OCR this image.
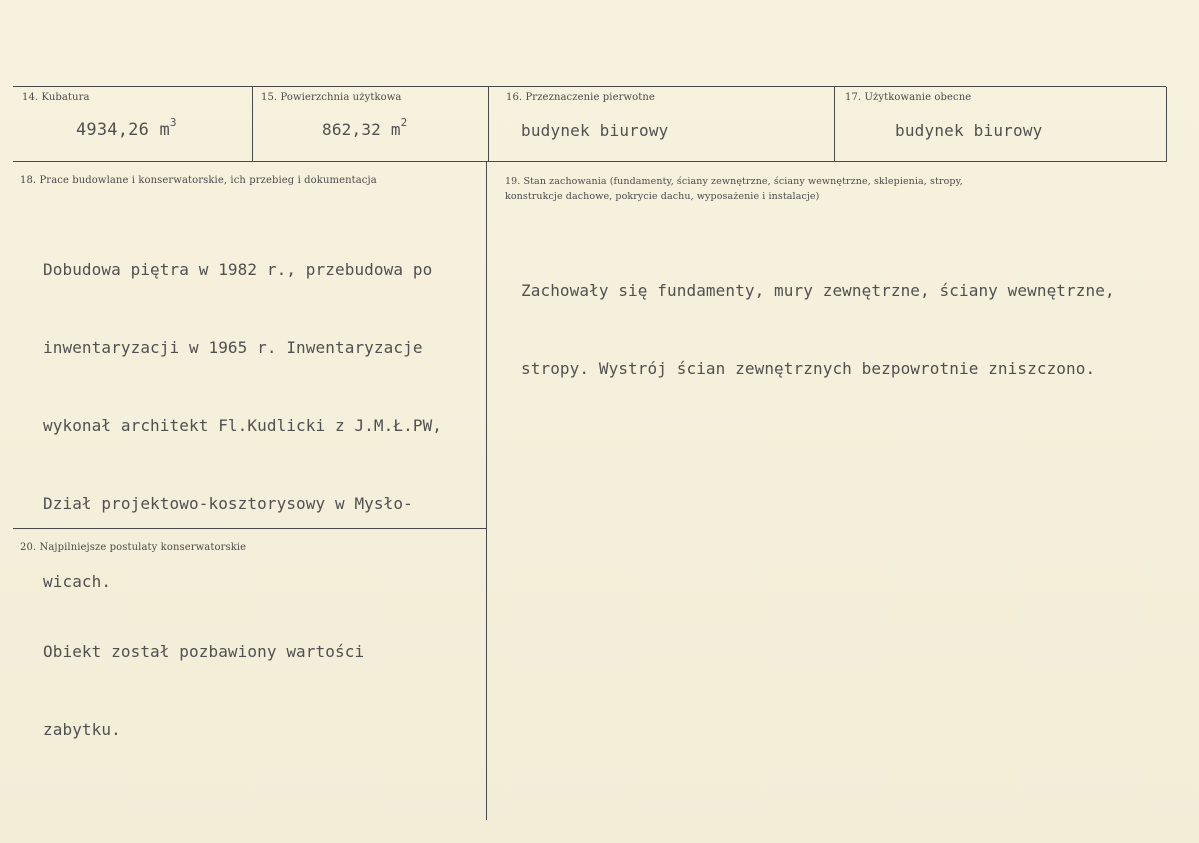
14. Kubatura
4934,26 $m^3$
15. Powierzchnia użytkowa
862,32 $m^2$
16. Przeznaczenie pierwotne
budynek biurowy
17. Użytkowanie obecne
budynek biurowy
18. Prace budowlane i konserwatorskie, ich przebieg i dokumentacja

Dobudowa piętra w 1982 r., przebudowa po

inwentaryzacji w 1965 r. Inwentaryzacje

wykonał architekt Fl.Kudlicki z J.M.Ł.PW,

Dział projektowo-kosztorysowy w Mysło-

wicach.

19. Stan zachowania (fundamenty, ściany zewnętrzne, ściany wewnętrzne, sklepienia, stropy,
konstrukcje dachowe, pokrycie dachu, wyposażenie i instalacje)

Zachowały się fundamenty, mury zewnętrzne, ściany wewnętrzne,

stropy. Wystrój ścian zewnętrznych bezpowrotnie zniszczono.

20. Najpilniejsze postulaty konserwatorskie

Obiekt został pozbawiony wartości

zabytku.
